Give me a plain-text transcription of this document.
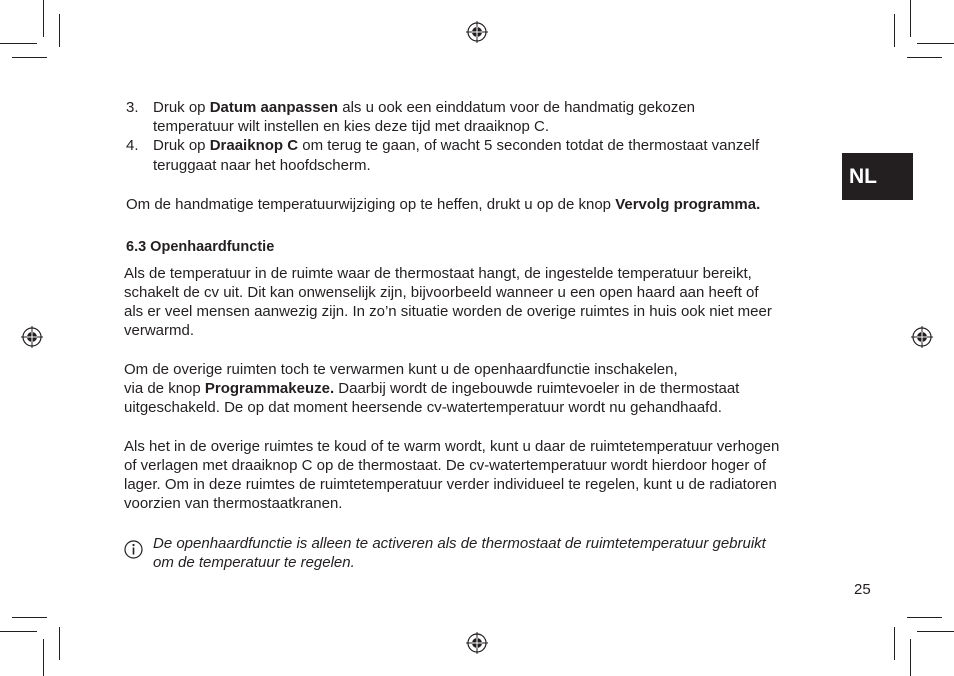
NL
3. Druk op Datum aanpassen als u ook een einddatum voor de handmatig gekozen

temperatuur wilt instellen en kies deze tijd met draaiknop C.

4. Druk op Draaiknop C om terug te gaan, of wacht 5 seconden totdat de thermostaat vanzelf

teruggaat naar het hoofdscherm.

Om de handmatige temperatuurwijziging op te heffen, drukt u op de knop Vervolg programma.

6.3 Openhaardfunctie

Als de temperatuur in de ruimte waar de thermostaat hangt, de ingestelde temperatuur bereikt,

schakelt de cv uit. Dit kan onwenselijk zijn, bijvoorbeeld wanneer u een open haard aan heeft of

als er veel mensen aanwezig zijn. In zo’n situatie worden de overige ruimtes in huis ook niet meer

verwarmd.

Om de overige ruimten toch te verwarmen kunt u de openhaardfunctie inschakelen,

via de knop Programmakeuze. Daarbij wordt de ingebouwde ruimtevoeler in de thermostaat

uitgeschakeld. De op dat moment heersende cv-watertemperatuur wordt nu gehandhaafd.

Als het in de overige ruimtes te koud of te warm wordt, kunt u daar de ruimtetemperatuur verhogen

of verlagen met draaiknop C op de thermostaat. De cv-watertemperatuur wordt hierdoor hoger of

lager. Om in deze ruimtes de ruimtetemperatuur verder individueel te regelen, kunt u de radiatoren

voorzien van thermostaatkranen.

De openhaardfunctie is alleen te activeren als de thermostaat de ruimtetemperatuur gebruikt

om de temperatuur te regelen.

25
